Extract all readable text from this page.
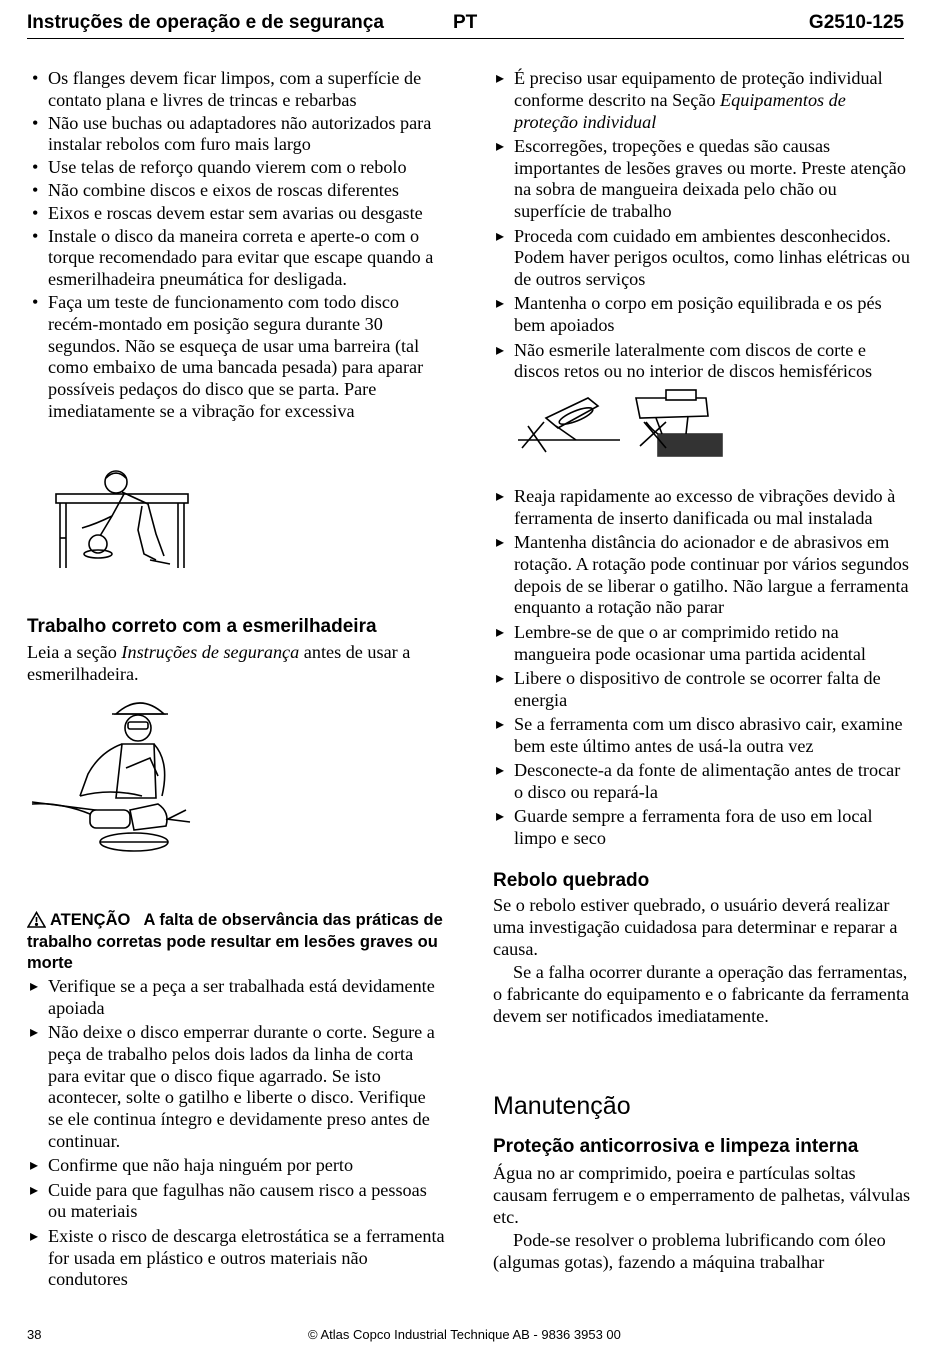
Instruções de operação e de segurança	PT	G2510-125
• Os flanges devem ficar limpos, com a superfície de contato plana e livres de trincas e rebarbas
• Não use buchas ou adaptadores não autorizados para instalar rebolos com furo mais largo
• Use telas de reforço quando vierem com o rebolo
• Não combine discos e eixos de roscas diferentes
• Eixos e roscas devem estar sem avarias ou desgaste
• Instale o disco da maneira correta e aperte-o com o torque recomendado para evitar que escape quando a esmerilhadeira pneumática for desligada.
• Faça um teste de funcionamento com todo disco recém-montado em posição segura durante 30 segundos. Não se esqueça de usar uma barreira (tal como embaixo de uma bancada pesada) para aparar possíveis pedaços do disco que se parta. Pare imediatamente se a vibração for excessiva
Trabalho correto com a esmerilhadeira

Leia a seção Instruções de segurança antes de usar a esmerilhadeira.

ATENÇÃO A falta de observância das práticas de trabalho corretas pode resultar em lesões graves ou morte
▸ Verifique se a peça a ser trabalhada está devidamente apoiada
▸ Não deixe o disco emperrar durante o corte. Segure a peça de trabalho pelos dois lados da linha de corta para evitar que o disco fique agarrado. Se isto acontecer, solte o gatilho e liberte o disco. Verifique se ele continua íntegro e devidamente preso antes de continuar.
▸ Confirme que não haja ninguém por perto
▸ Cuide para que fagulhas não causem risco a pessoas ou materiais
▸ Existe o risco de descarga eletrostática se a ferramenta for usada em plástico e outros materiais não condutores
▸ É preciso usar equipamento de proteção individual conforme descrito na Seção Equipamentos de proteção individual
▸ Escorregões, tropeções e quedas são causas importantes de lesões graves ou morte. Preste atenção na sobra de mangueira deixada pelo chão ou superfície de trabalho
▸ Proceda com cuidado em ambientes desconhecidos. Podem haver perigos ocultos, como linhas elétricas ou de outros serviços
▸ Mantenha o corpo em posição equilibrada e os pés bem apoiados
▸ Não esmerile lateralmente com discos de corte e discos retos ou no interior de discos hemisféricos
▸ Reaja rapidamente ao excesso de vibrações devido à ferramenta de inserto danificada ou mal instalada
▸ Mantenha distância do acionador e de abrasivos em rotação. A rotação pode continuar por vários segundos depois de se liberar o gatilho. Não largue a ferramenta enquanto a rotação não parar
▸ Lembre-se de que o ar comprimido retido na mangueira pode ocasionar uma partida acidental
▸ Libere o dispositivo de controle se ocorrer falta de energia
▸ Se a ferramenta com um disco abrasivo cair, examine bem este último antes de usá-la outra vez
▸ Desconecte-a da fonte de alimentação antes de trocar o disco ou repará-la
▸ Guarde sempre a ferramenta fora de uso em local limpo e seco
Rebolo quebrado

Se o rebolo estiver quebrado, o usuário deverá realizar uma investigação cuidadosa para determinar e reparar a causa.

Se a falha ocorrer durante a operação das ferramentas, o fabricante do equipamento e o fabricante da ferramenta devem ser notificados imediatamente.

Manutenção
Proteção anticorrosiva e limpeza interna

Água no ar comprimido, poeira e partículas soltas causam ferrugem e o emperramento de palhetas, válvulas etc.

Pode-se resolver o problema lubrificando com óleo (algumas gotas), fazendo a máquina trabalhar

38	© Atlas Copco Industrial Technique AB - 9836 3953 00
